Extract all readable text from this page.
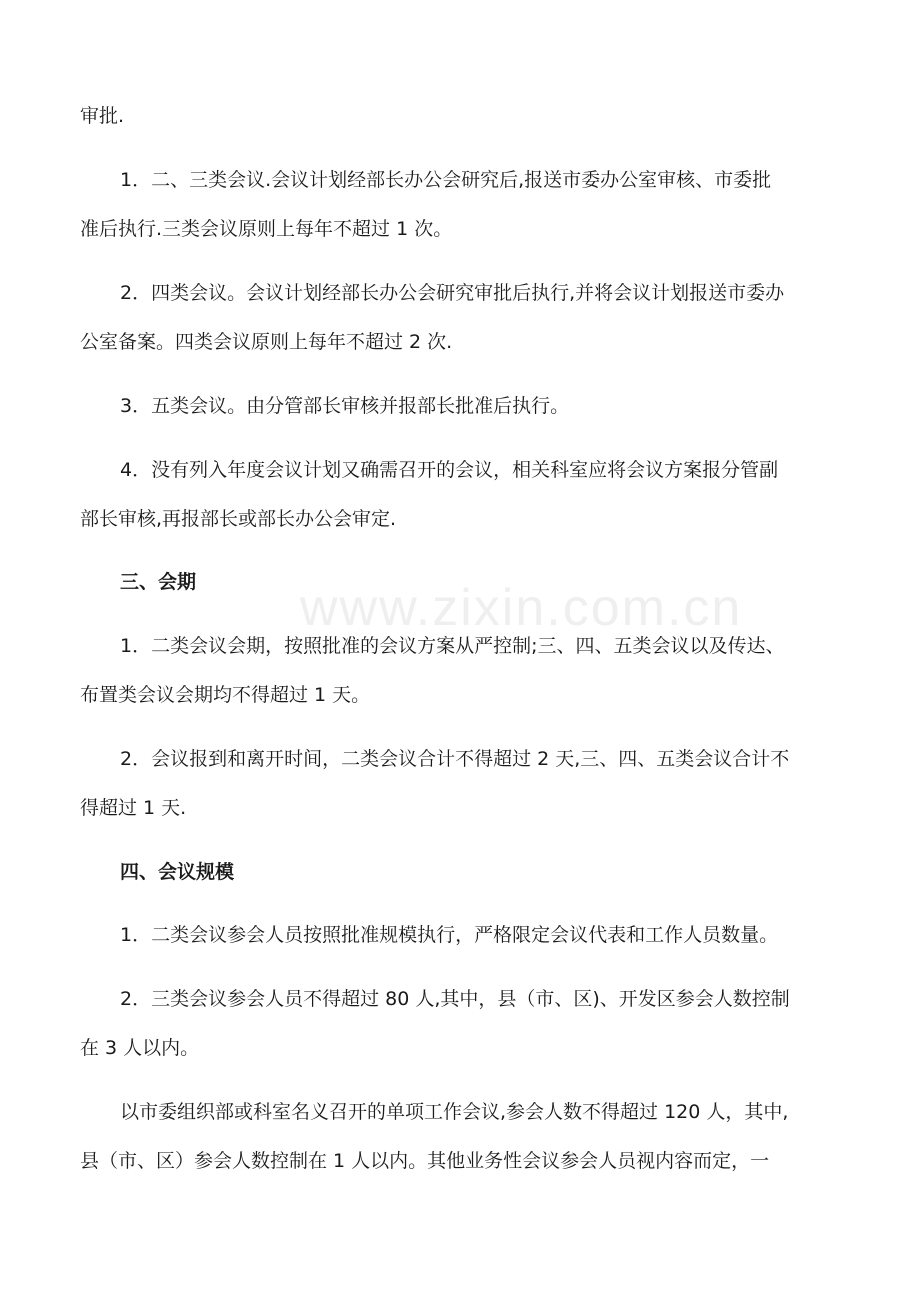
www.zixin.com.cn
审批.
1．二、三类会议.会议计划经部长办公会研究后,报送市委办公室审核、市委批
准后执行.三类会议原则上每年不超过 1 次。
2．四类会议。会议计划经部长办公会研究审批后执行,并将会议计划报送市委办
公室备案。四类会议原则上每年不超过 2 次.
3．五类会议。由分管部长审核并报部长批准后执行。
4．没有列入年度会议计划又确需召开的会议，相关科室应将会议方案报分管副
部长审核,再报部长或部长办公会审定.
三、会期
1．二类会议会期，按照批准的会议方案从严控制;三、四、五类会议以及传达、
布置类会议会期均不得超过 1 天。
2．会议报到和离开时间，二类会议合计不得超过 2 天,三、四、五类会议合计不
得超过 1 天.
四、会议规模
1．二类会议参会人员按照批准规模执行，严格限定会议代表和工作人员数量。
2．三类会议参会人员不得超过 80 人,其中，县（市、区)、开发区参会人数控制
在 3 人以内。
以市委组织部或科室名义召开的单项工作会议,参会人数不得超过 120 人，其中,
县（市、区）参会人数控制在 1 人以内。其他业务性会议参会人员视内容而定，一
